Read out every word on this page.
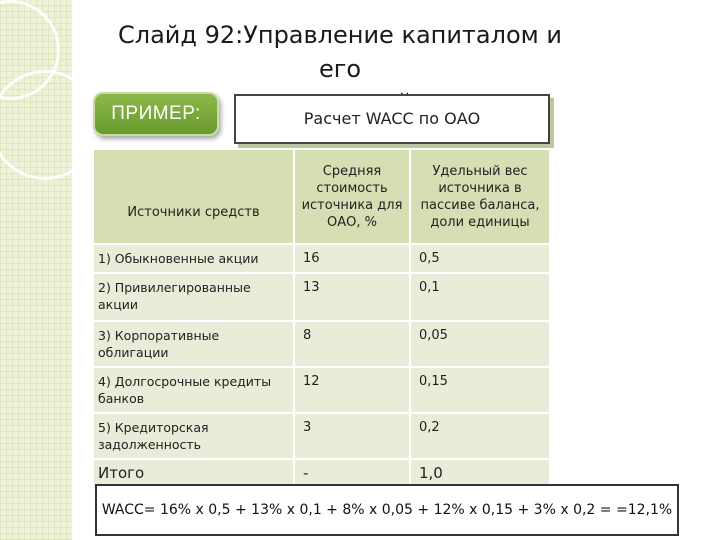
Слайд 92:Управление капиталом и его
ПРИМЕР:	Расчет WACC по ОАО
Источники средств	Средняя стоимость источника для ОАО, %	Удельный вес источника в пассиве баланса, доли единицы
1) Обыкновенные акции	16	0,5
2) Привилегированные акции	13	0,1
3) Корпоративные облигации	8	0,05
4) Долгосрочные кредиты банков	12	0,15
5) Кредиторская задолженность	3	0,2
Итого	-	1,0
WACC= 16% х 0,5 + 13% х 0,1 + 8% х 0,05 + 12% х 0,15 + 3% х 0,2 = =12,1%
